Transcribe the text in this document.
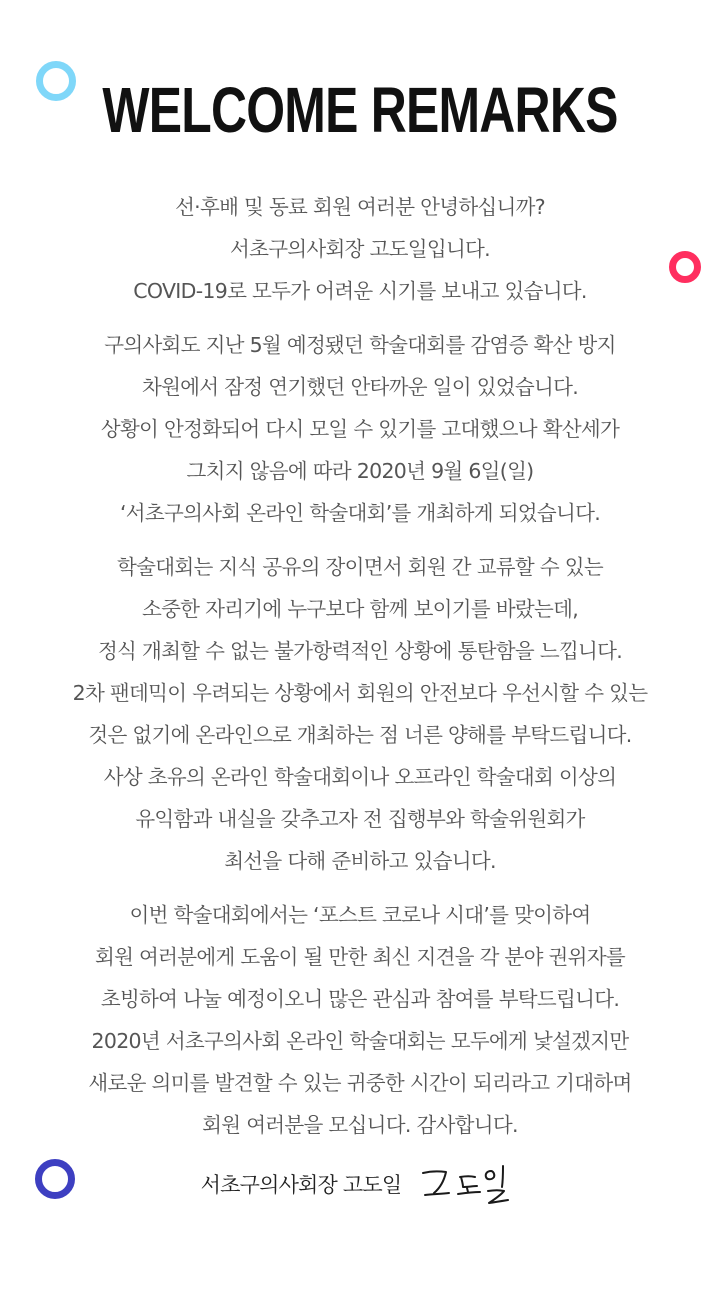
WELCOME REMARKS

선·후배 및 동료 회원 여러분 안녕하십니까?
서초구의사회장 고도일입니다.
COVID-19로 모두가 어려운 시기를 보내고 있습니다.

구의사회도 지난 5월 예정됐던 학술대회를 감염증 확산 방지
차원에서 잠정 연기했던 안타까운 일이 있었습니다.
상황이 안정화되어 다시 모일 수 있기를 고대했으나 확산세가
그치지 않음에 따라 2020년 9월 6일(일)
‘서초구의사회 온라인 학술대회’를 개최하게 되었습니다.

학술대회는 지식 공유의 장이면서 회원 간 교류할 수 있는
소중한 자리기에 누구보다 함께 보이기를 바랐는데,
정식 개최할 수 없는 불가항력적인 상황에 통탄함을 느낍니다.
2차 팬데믹이 우려되는 상황에서 회원의 안전보다 우선시할 수 있는
것은 없기에 온라인으로 개최하는 점 너른 양해를 부탁드립니다.
사상 초유의 온라인 학술대회이나 오프라인 학술대회 이상의
유익함과 내실을 갖추고자 전 집행부와 학술위원회가
최선을 다해 준비하고 있습니다.

이번 학술대회에서는 ‘포스트 코로나 시대’를 맞이하여
회원 여러분에게 도움이 될 만한 최신 지견을 각 분야 권위자를
초빙하여 나눌 예정이오니 많은 관심과 참여를 부탁드립니다.
2020년 서초구의사회 온라인 학술대회는 모두에게 낯설겠지만
새로운 의미를 발견할 수 있는 귀중한 시간이 되리라고 기대하며
회원 여러분을 모십니다. 감사합니다.

서초구의사회장 고도일
